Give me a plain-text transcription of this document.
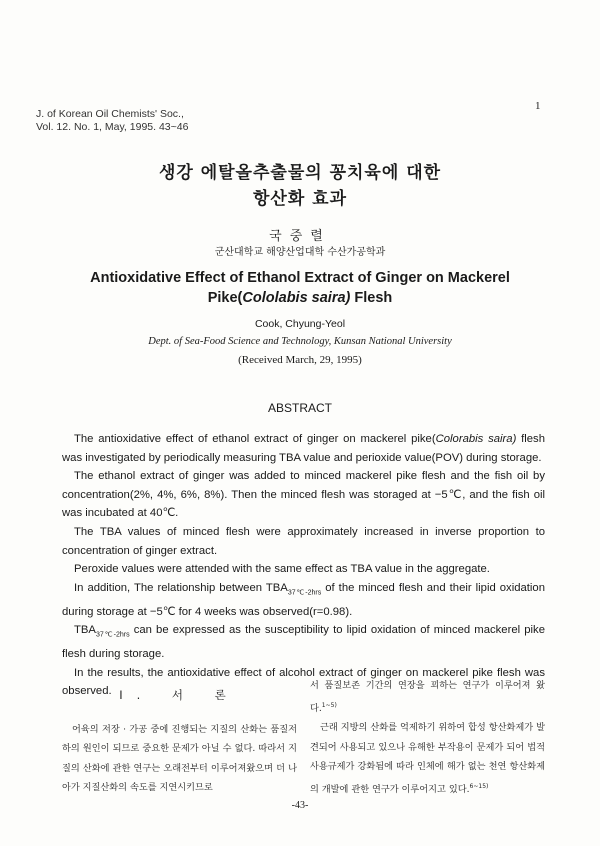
J. of Korean Oil Chemists' Soc.,
Vol. 12. No. 1, May, 1995. 43~46
1
생강 에탈올추출물의 꽁치육에 대한
항산화 효과
국중렬
군산대학교 해양산업대학 수산가공학과
Antioxidative Effect of Ethanol Extract of Ginger on Mackerel
Pike(Cololabis saira) Flesh
Cook, Chyung-Yeol
Dept. of Sea-Food Science and Technology, Kunsan National University
(Received March, 29, 1995)
ABSTRACT

The antioxidative effect of ethanol extract of ginger on mackerel pike(Colorabis saira) flesh was investigated by periodically measuring TBA value and perioxide value(POV) during storage.

The ethanol extract of ginger was added to minced mackerel pike flesh and the fish oil by concentration(2%, 4%, 6%, 8%). Then the minced flesh was storaged at −5℃, and the fish oil was incubated at 40℃.

The TBA values of minced flesh were approximately increased in inverse proportion to concentration of ginger extract.

Peroxide values were attended with the same effect as TBA value in the aggregate.

In addition, The relationship between $TBA_{37℃-2hrs}$ of the minced flesh and their lipid oxidation during storage at −5℃ for 4 weeks was observed(r=0.98).

$TBA_{37℃-2hrs}$ can be expressed as the susceptibility to lipid oxidation of minced mackerel pike flesh during storage.

In the results, the antioxidative effect of alcohol extract of ginger on mackerel pike flesh was observed. I. 서 론

어육의 저장 · 가공 중에 진행되는 지질의 산화는 품질저하의 원인이 되므로 중요한 문제가 아닐 수 없다. 따라서 지질의 산화에 관한 연구는 오래전부터 이루어져왔으며 더 나아가 지질산화의 속도를 지연시키므로

서 품질보존 기간의 연장을 꾀하는 연구가 이루어져 왔다.$^{1\sim 5)}$

근래 지방의 산화를 억제하기 위하여 합성 항산화제가 발견되어 사용되고 있으나 유해한 부작용이 문제가 되어 법적 사용규제가 강화됨에 따라 인체에 해가 없는 천연 항산화제의 개발에 관한 연구가 이루어지고 있다.$^{6\sim 15)}$

-43-
